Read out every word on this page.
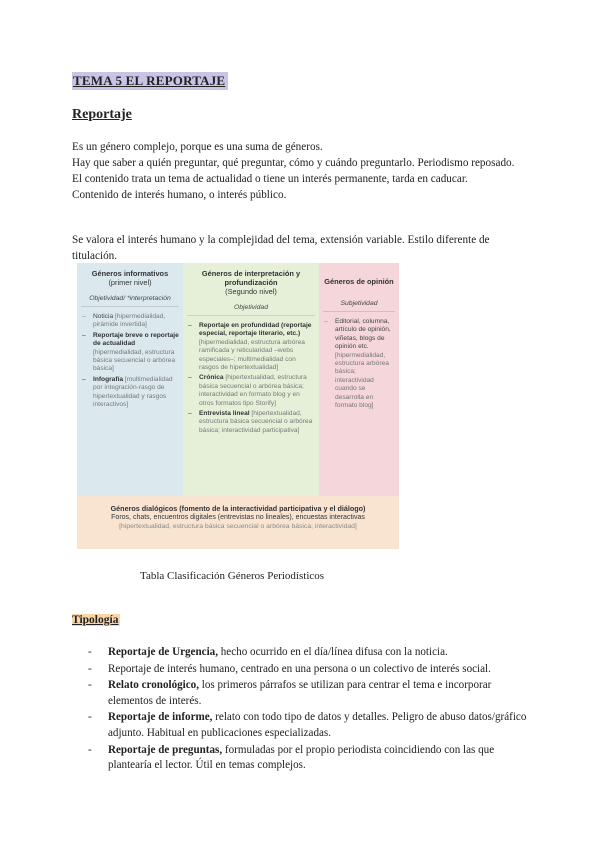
TEMA 5 EL REPORTAJE
Reportaje

Es un género complejo, porque es una suma de géneros.

Hay que saber a quién preguntar, qué preguntar, cómo y cuándo preguntarlo. Periodismo reposado.

El contenido trata un tema de actualidad o tiene un interés permanente, tarda en caducar.

Contenido de interés humano, o interés público.

Se valora el interés humano y la complejidad del tema, extensión variable. Estilo diferente de titulación.
Géneros informativos
(primer nivel)
Objetividad/ *interpretación
– Noticia [hipermedialidad, pirámide invertida]
– Reportaje breve o reportaje de actualidad [hipermedialidad, estructura básica secuencial o arbórea básica]
– Infografía [multimedialidad por integración-rasgo de hipertextualidad y rasgos interactivos]
Géneros de interpretación y profundización
(Segundo nivel)
Objetividad
– Reportaje en profundidad (reportaje especial, reportaje literario, etc.) [hipermedialidad, estructura arbórea ramificada y reticularidad –webs especiales–; multimedialidad con rasgos de hipertextualidad]
– Crónica [hipertextualidad, estructura básica secuencial o arbórea básica; interactividad en formato blog y en otros formatos tipo Storify]
– Entrevista lineal [hipertextualidad, estructura básica secuencial o arbórea básica; interactividad participativa]
Géneros de opinión
Subjetividad
– Editorial, columna, artículo de opinión, viñetas, blogs de opinión etc. [hipermedialidad, estructura arbórea básica; interactividad cuando se desarrolla en formato blog]
Géneros dialógicos (fomento de la interactividad participativa y el diálogo)
Foros, chats, encuentros digitales (entrevistas no lineales), encuestas interactivas
[hipertextualidad, estructura básica secuencial o arbórea básica; interactividad]
Tabla Clasificación Géneros Periodísticos
Tipología
- Reportaje de Urgencia, hecho ocurrido en el día/línea difusa con la noticia.
- Reportaje de interés humano, centrado en una persona o un colectivo de interés social.
- Relato cronológico, los primeros párrafos se utilizan para centrar el tema e incorporar elementos de interés.
- Reportaje de informe, relato con todo tipo de datos y detalles. Peligro de abuso datos/gráfico adjunto. Habitual en publicaciones especializadas.
- Reportaje de preguntas, formuladas por el propio periodista coincidiendo con las que plantearía el lector. Útil en temas complejos.
